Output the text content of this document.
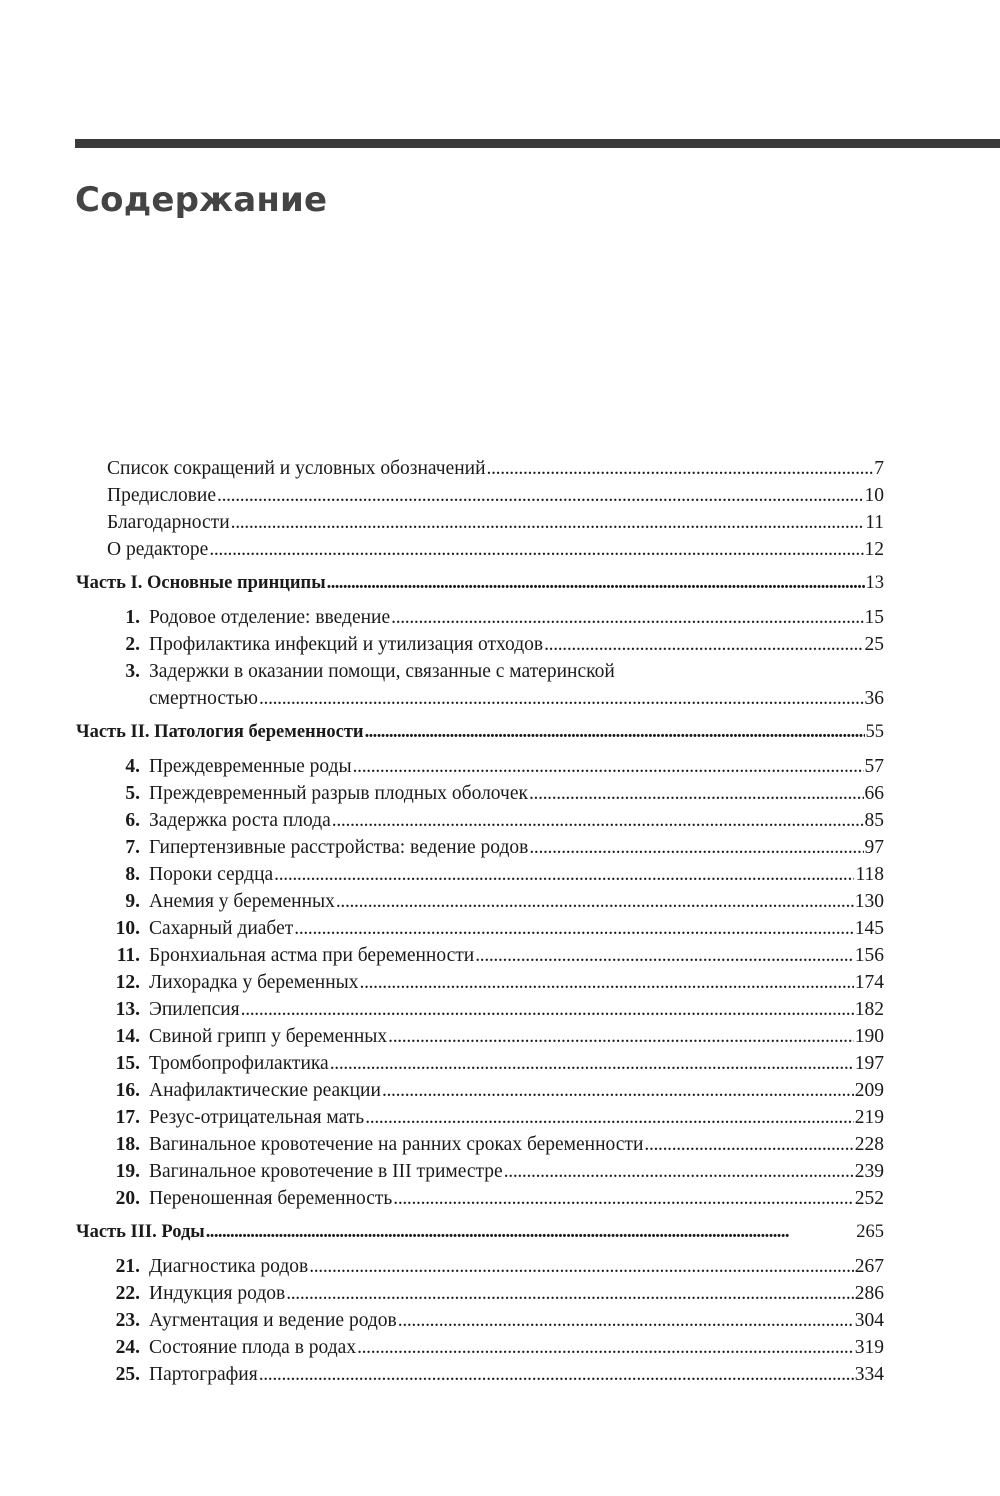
Содержание
Список сокращений и условных обозначений . . .	7
Предисловие . . .	10
Благодарности . . .	11
О редакторе . . .	12
Часть I. Основные принципы . . .	13
1. Родовое отделение: введение . . .	15
2. Профилактика инфекций и утилизация отходов . . .	25
3. Задержки в оказании помощи, связанные с материнской
смертностью . . .	36
Часть II. Патология беременности . . .	55
4. Преждевременные роды . . .	57
5. Преждевременный разрыв плодных оболочек . . .	66
6. Задержка роста плода . . .	85
7. Гипертензивные расстройства: ведение родов . . .	97
8. Пороки сердца . . .	118
9. Анемия у беременных . . .	130
10. Сахарный диабет . . .	145
11. Бронхиальная астма при беременности . . .	156
12. Лихорадка у беременных . . .	174
13. Эпилепсия . . .	182
14. Свиной грипп у беременных . . .	190
15. Тромбопрофилактика . . .	197
16. Анафилактические реакции . . .	209
17. Резус-отрицательная мать . . .	219
18. Вагинальное кровотечение на ранних сроках беременности . . .	228
19. Вагинальное кровотечение в III триместре . . .	239
20. Переношенная беременность . . .	252
Часть III. Роды . . .	265
21. Диагностика родов . . .	267
22. Индукция родов . . .	286
23. Аугментация и ведение родов . . .	304
24. Состояние плода в родах . . .	319
25. Партография . . .	334
